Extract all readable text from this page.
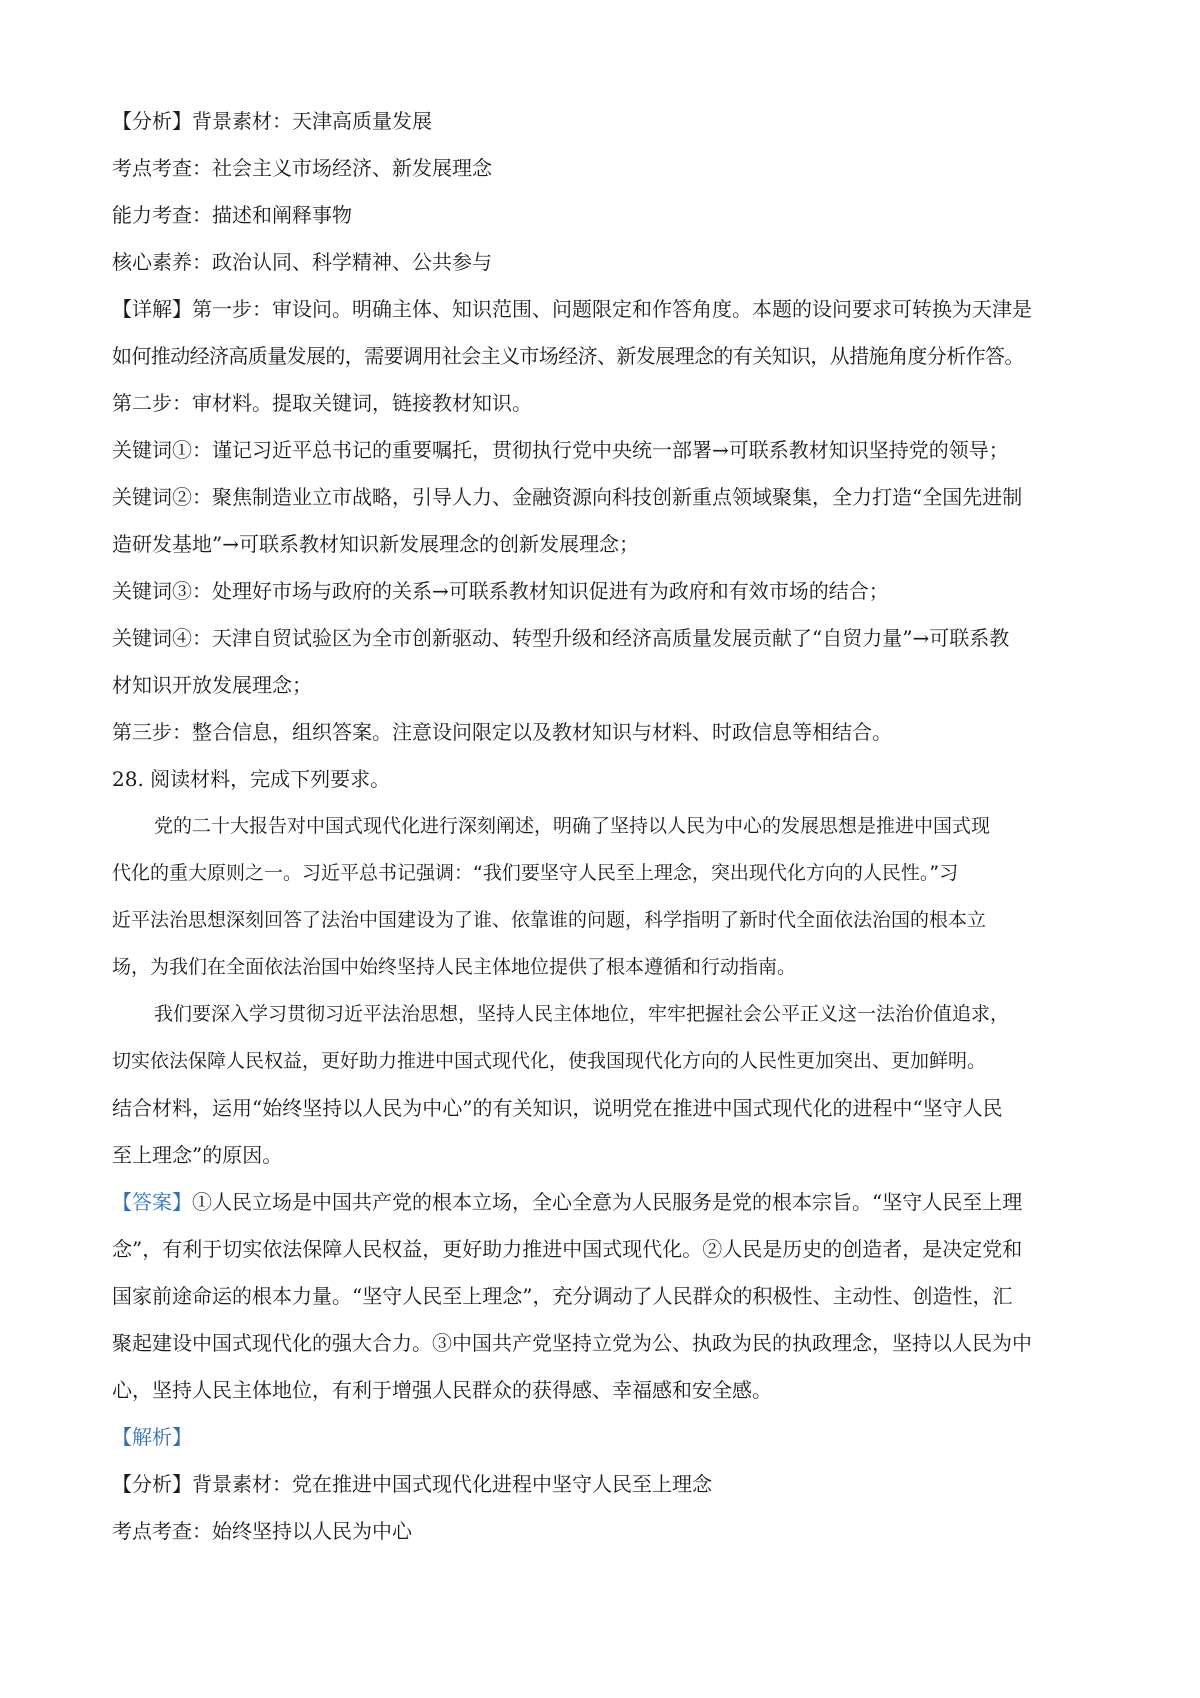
【分析】背景素材：天津高质量发展
考点考查：社会主义市场经济、新发展理念
能力考查：描述和阐释事物
核心素养：政治认同、科学精神、公共参与
【详解】第一步：审设问。明确主体、知识范围、问题限定和作答角度。本题的设问要求可转换为天津是
如何推动经济高质量发展的，需要调用社会主义市场经济、新发展理念的有关知识，从措施角度分析作答。
第二步：审材料。提取关键词，链接教材知识。
关键词①：谨记习近平总书记的重要嘱托，贯彻执行党中央统一部署→可联系教材知识坚持党的领导；
关键词②：聚焦制造业立市战略，引导人力、金融资源向科技创新重点领域聚集，全力打造“全国先进制
造研发基地”→可联系教材知识新发展理念的创新发展理念；
关键词③：处理好市场与政府的关系→可联系教材知识促进有为政府和有效市场的结合；
关键词④：天津自贸试验区为全市创新驱动、转型升级和经济高质量发展贡献了“自贸力量”→可联系教
材知识开放发展理念；
第三步：整合信息，组织答案。注意设问限定以及教材知识与材料、时政信息等相结合。
28. 阅读材料，完成下列要求。
党的二十大报告对中国式现代化进行深刻阐述，明确了坚持以人民为中心的发展思想是推进中国式现
代化的重大原则之一。习近平总书记强调：“我们要坚守人民至上理念，突出现代化方向的人民性。”习
近平法治思想深刻回答了法治中国建设为了谁、依靠谁的问题，科学指明了新时代全面依法治国的根本立
场，为我们在全面依法治国中始终坚持人民主体地位提供了根本遵循和行动指南。
我们要深入学习贯彻习近平法治思想，坚持人民主体地位，牢牢把握社会公平正义这一法治价值追求，
切实依法保障人民权益，更好助力推进中国式现代化，使我国现代化方向的人民性更加突出、更加鲜明。
结合材料，运用“始终坚持以人民为中心”的有关知识，说明党在推进中国式现代化的进程中“坚守人民
至上理念”的原因。
【答案】①人民立场是中国共产党的根本立场，全心全意为人民服务是党的根本宗旨。“坚守人民至上理
念”，有利于切实依法保障人民权益，更好助力推进中国式现代化。②人民是历史的创造者，是决定党和
国家前途命运的根本力量。“坚守人民至上理念”，充分调动了人民群众的积极性、主动性、创造性，汇
聚起建设中国式现代化的强大合力。③中国共产党坚持立党为公、执政为民的执政理念，坚持以人民为中
心，坚持人民主体地位，有利于增强人民群众的获得感、幸福感和安全感。
【解析】
【分析】背景素材：党在推进中国式现代化进程中坚守人民至上理念
考点考查：始终坚持以人民为中心
